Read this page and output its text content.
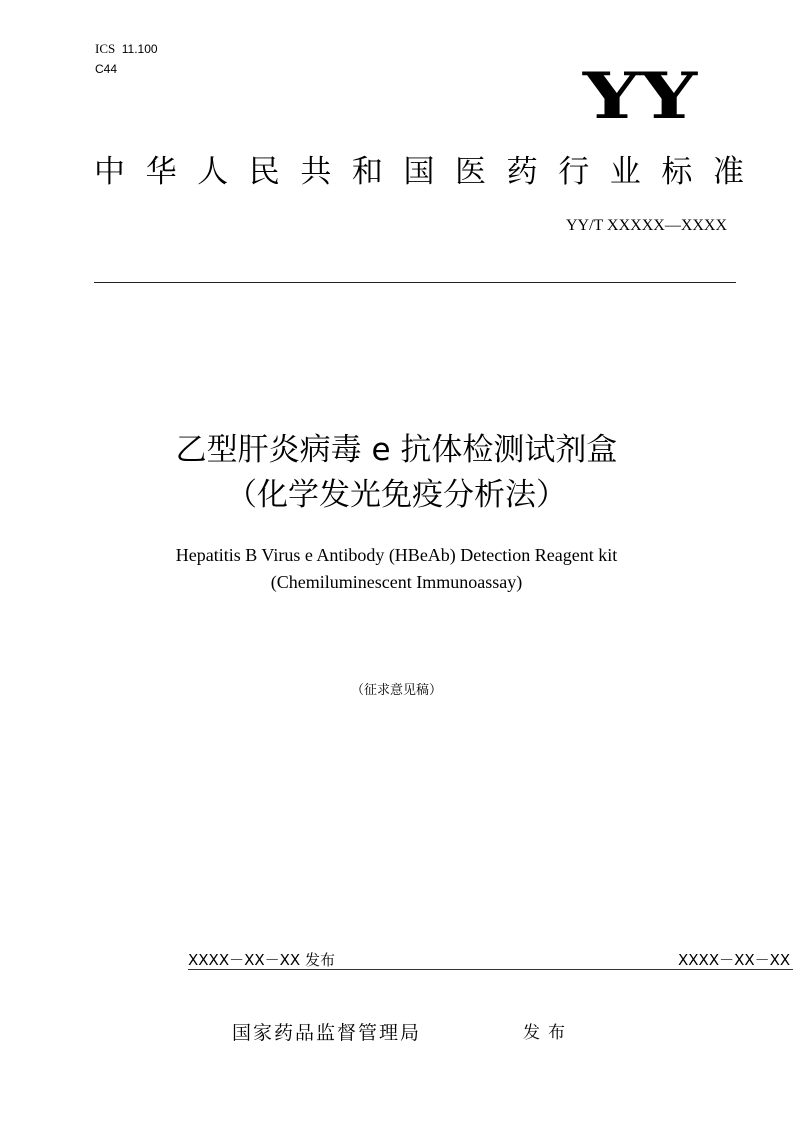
ICS 11.100
C44	YY
中 华 人 民 共 和 国 医 药 行 业 标 准
YY/T XXXXX—XXXX
乙型肝炎病毒 e 抗体检测试剂盒
（化学发光免疫分析法）
Hepatitis B Virus e Antibody (HBeAb) Detection Reagent kit
(Chemiluminescent Immunoassay)
（征求意见稿）
XXXX－XX－XX 发布	XXXX－XX－XX
国家药品监督管理局	发布
